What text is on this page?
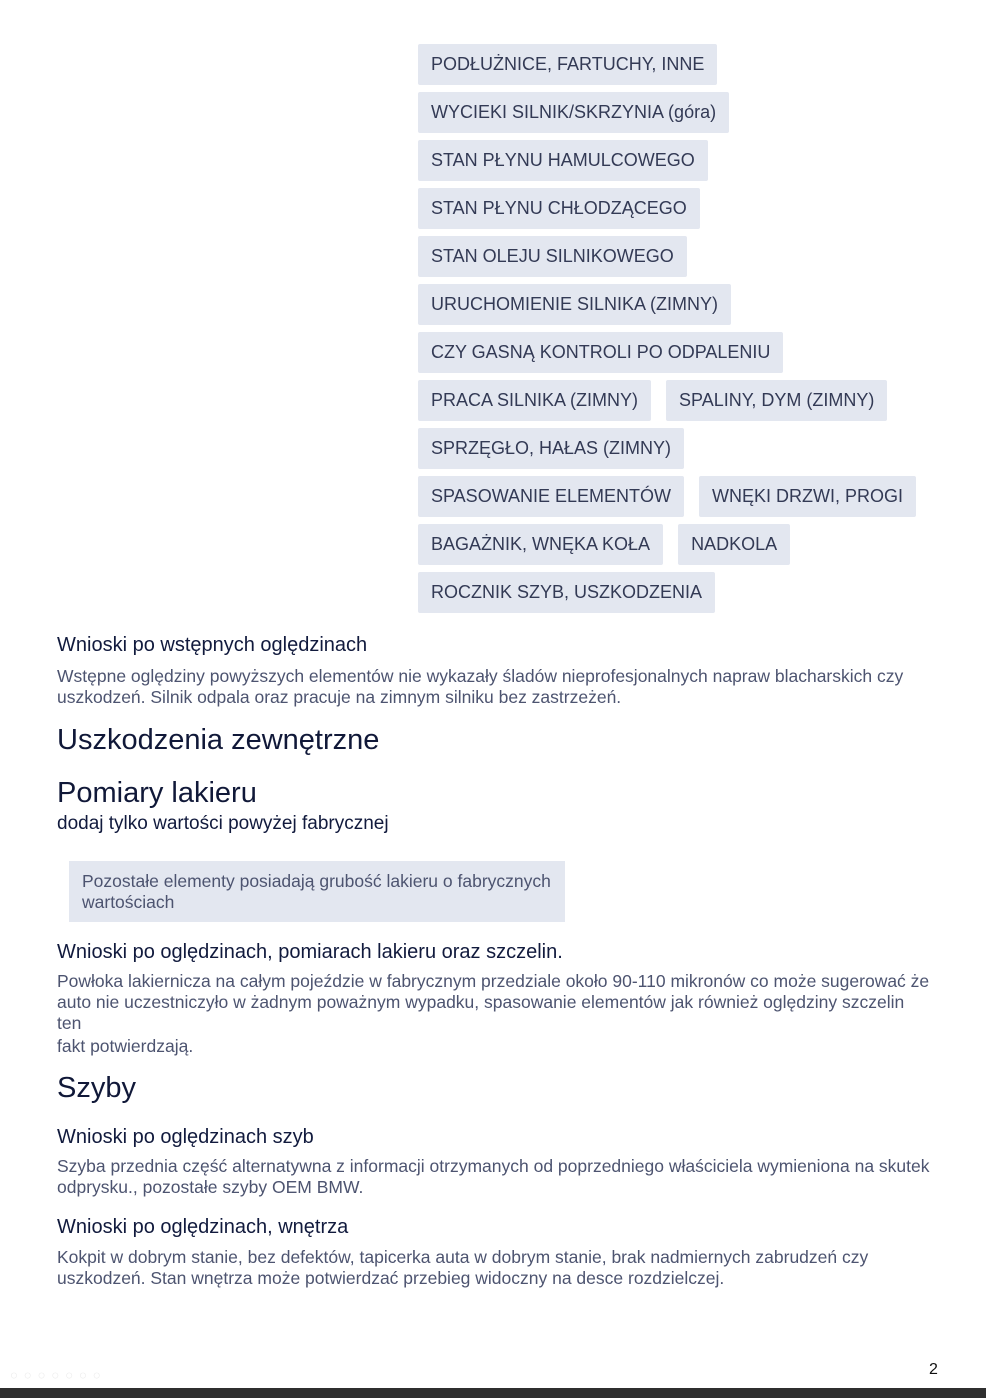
PODŁUŻNICE, FARTUCHY, INNE
WYCIEKI SILNIK/SKRZYNIA (góra)
STAN PŁYNU HAMULCOWEGO
STAN PŁYNU CHŁODZĄCEGO
STAN OLEJU SILNIKOWEGO
URUCHOMIENIE SILNIKA (ZIMNY)
CZY GASNĄ KONTROLI PO ODPALENIU
PRACA SILNIKA (ZIMNY)	SPALINY, DYM (ZIMNY)
SPRZĘGŁO, HAŁAS (ZIMNY)
SPASOWANIE ELEMENTÓW	WNĘKI DRZWI, PROGI
BAGAŻNIK, WNĘKA KOŁA	NADKOLA
ROCZNIK SZYB, USZKODZENIA
Wnioski po wstępnych oględzinach
Wstępne oględziny powyższych elementów nie wykazały śladów nieprofesjonalnych napraw blacharskich czy uszkodzeń. Silnik odpala oraz pracuje na zimnym silniku bez zastrzeżeń.
Uszkodzenia zewnętrzne
Pomiary lakieru
dodaj tylko wartości powyżej fabrycznej
Pozostałe elementy posiadają grubość lakieru o fabrycznych wartościach
Wnioski po oględzinach, pomiarach lakieru oraz szczelin.
Powłoka lakiernicza na całym pojeździe w fabrycznym przedziale około 90-110 mikronów co może sugerować że auto nie uczestniczyło w żadnym poważnym wypadku, spasowanie elementów jak również oględziny szczelin ten
fakt potwierdzają.
Szyby
Wnioski po oględzinach szyb
Szyba przednia część alternatywna z informacji otrzymanych od poprzedniego właściciela wymieniona na skutek odprysku., pozostałe szyby OEM BMW.
Wnioski po oględzinach, wnętrza
Kokpit w dobrym stanie, bez defektów, tapicerka auta w dobrym stanie, brak nadmiernych zabrudzeń czy uszkodzeń. Stan wnętrza może potwierdzać przebieg widoczny na desce rozdzielczej.
◦◦◦◦◦◦◦	2
